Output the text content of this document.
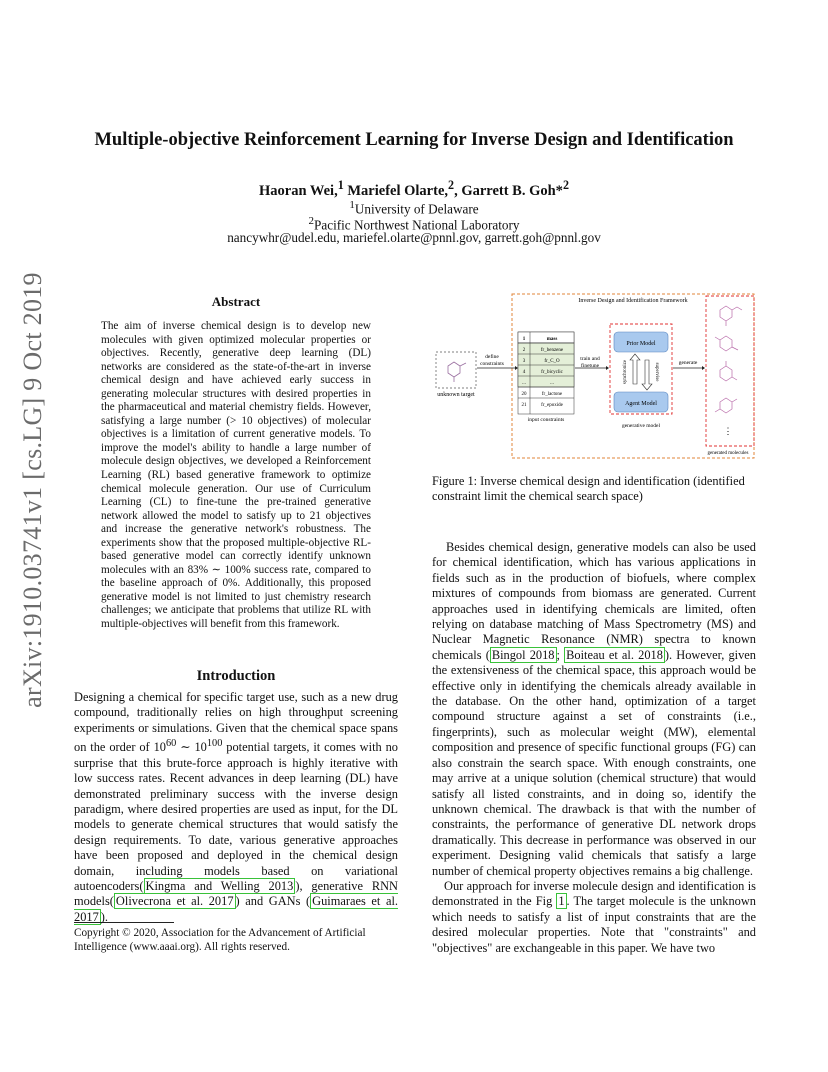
arXiv:1910.03741v1 [cs.LG] 9 Oct 2019
Multiple-objective Reinforcement Learning for Inverse Design and Identification
Haoran Wei,$^1$ Mariefel Olarte,$^2$, Garrett B. Goh*$^2$
$^1$University of Delaware
$^2$Pacific Northwest National Laboratory
nancywhr@udel.edu, mariefel.olarte@pnnl.gov, garrett.goh@pnnl.gov
Abstract
The aim of inverse chemical design is to develop new molecules with given optimized molecular properties or objectives. Recently, generative deep learning (DL) networks are considered as the state-of-the-art in inverse chemical design and have achieved early success in generating molecular structures with desired properties in the pharmaceutical and material chemistry fields. However, satisfying a large number (> 10 objectives) of molecular objectives is a limitation of current generative models. To improve the model's ability to handle a large number of molecule design objectives, we developed a Reinforcement Learning (RL) based generative framework to optimize chemical molecule generation. Our use of Curriculum Learning (CL) to fine-tune the pre-trained generative network allowed the model to satisfy up to 21 objectives and increase the generative network's robustness. The experiments show that the proposed multiple-objective RL-based generative model can correctly identify unknown molecules with an 83% ∼ 100% success rate, compared to the baseline approach of 0%. Additionally, this proposed generative model is not limited to just chemistry research challenges; we anticipate that problems that utilize RL with multiple-objectives will benefit from this framework.
Introduction
Designing a chemical for specific target use, such as a new drug compound, traditionally relies on high throughput screening experiments or simulations. Given that the chemical space spans on the order of $10^{60}$ ∼ $10^{100}$ potential targets, it comes with no surprise that this brute-force approach is highly iterative with low success rates. Recent advances in deep learning (DL) have demonstrated preliminary success with the inverse design paradigm, where desired properties are used as input, for the DL models to generate chemical structures that would satisfy the design requirements. To date, various generative approaches have been proposed and deployed in the chemical design domain, including models based on variational autoencoders( Kingma and Welling 2013 ), generative RNN models( Olivecrona et al. 2017 ) and GANs ( Guimaraes et al. 2017 ).
Copyright © 2020, Association for the Advancement of Artificial Intelligence (www.aaai.org). All rights reserved.
Inverse Design and Identification Framework
unknown target
define
constraints
1	mass
2	fr_benzene
3	fr_C_O
4	fr_bicyclic
...	...
20	fr_lactone
21	fr_epoxide
input constraints
train and
finetune
Prior Model
Agent Model
synchronize	supervise
generative model
generate
⋮
generated molecules
Figure 1: Inverse chemical design and identification (identified constraint limit the chemical search space)

Besides chemical design, generative models can also be used for chemical identification, which has various applications in fields such as in the production of biofuels, where complex mixtures of compounds from biomass are generated. Current approaches used in identifying chemicals are limited, often relying on database matching of Mass Spectrometry (MS) and Nuclear Magnetic Resonance (NMR) spectra to known chemicals ( Bingol 2018 ; Boiteau et al. 2018 ). However, given the extensiveness of the chemical space, this approach would be effective only in identifying the chemicals already available in the database. On the other hand, optimization of a target compound structure against a set of constraints (i.e., fingerprints), such as molecular weight (MW), elemental composition and presence of specific functional groups (FG) can also constrain the search space. With enough constraints, one may arrive at a unique solution (chemical structure) that would satisfy all listed constraints, and in doing so, identify the unknown chemical. The drawback is that with the number of constraints, the performance of generative DL network drops dramatically. This decrease in performance was observed in our experiment. Designing valid chemicals that satisfy a large number of chemical property objectives remains a big challenge.

Our approach for inverse molecule design and identification is demonstrated in the Fig 1 . The target molecule is the unknown which needs to satisfy a list of input constraints that are the desired molecular properties. Note that "constraints" and "objectives" are exchangeable in this paper. We have two
